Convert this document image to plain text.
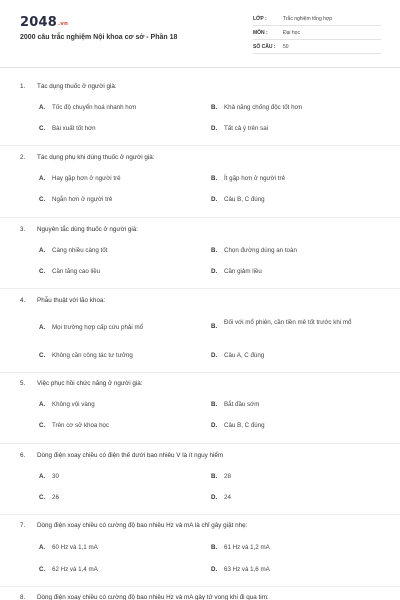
2048.vn
2000 câu trắc nghiệm Nội khoa cơ sở - Phần 18
LỚP :	Trắc nghiệm tổng hợp
MÔN :	Đại học
SỐ CÂU : 50
1. Tác dụng thuốc ở người già:
A.	Tốc độ chuyển hoá nhanh hơn	B.	Khả năng chống độc tốt hơn
C.	Bài xuất tốt hơn	D.	Tất cả ý trên sai
2. Tác dụng phụ khi dùng thuốc ở người già:
A.	Hay gặp hơn ở người trẻ	B.	Ít gặp hơn ở người trẻ
C.	Ngắn hơn ở người trẻ	D.	Câu B, C đúng
3. Nguyên tắc dùng thuốc ở người già:
A.	Càng nhiều càng tốt	B.	Chọn đường dùng an toàn
C.	Cần tăng cao liều	D.	Cần giảm liều
4. Phẫu thuật với lão khoa:
A.	Mọi trường hợp cấp cứu phải mổ	B.
Đối với mổ phiên, cần tiền mê tốt trước khi mổ
C.	Không cần công tác tư tưởng	D.	Câu A, C đúng
5. Việc phục hồi chức năng ở người già:
A.	Không vội vàng	B.	Bắt đầu sớm
C.	Trên cơ sở khoa học	D.	Câu B, C đúng
6. Dòng điện xoay chiều có điện thế dưới bao nhiêu V là ít nguy hiểm
A.	30	B.	28
C.	26	D.	24
7. Dòng điện xoay chiều có cường độ bao nhiêu Hz và mA là chỉ gây giật nhẹ:
A.	60 Hz và 1,1 mA	B.	61 Hz và 1,2 mA
C.	62 Hz và 1,4 mA	D.	63 Hz và 1,6 mA
8. Dòng điện xoay chiều có cường độ bao nhiêu Hz và mA gây tử vong khi đi qua tim:
